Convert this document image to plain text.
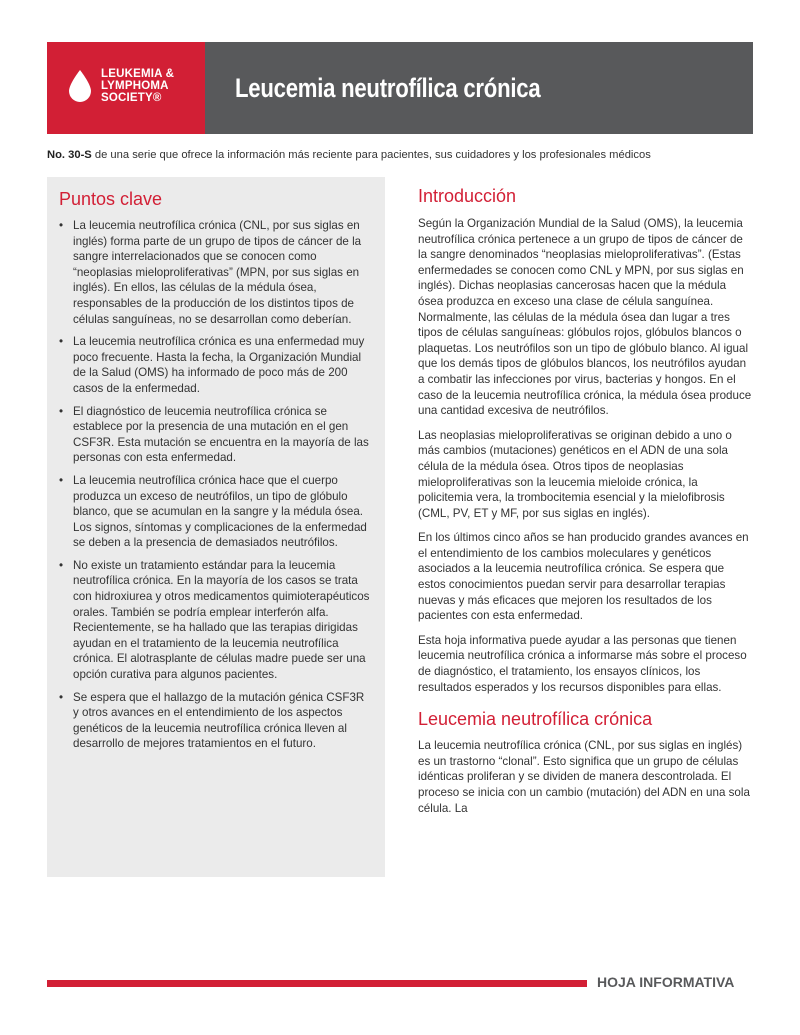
LEUKEMIA &
LYMPHOMA
SOCIETY®	Leucemia neutrofílica crónica
No. 30-S de una serie que ofrece la información más reciente para pacientes, sus cuidadores y los profesionales médicos
Puntos clave
• La leucemia neutrofílica crónica (CNL, por sus siglas en inglés) forma parte de un grupo de tipos de cáncer de la sangre interrelacionados que se conocen como “neoplasias mieloproliferativas” (MPN, por sus siglas en inglés). En ellos, las células de la médula ósea, responsables de la producción de los distintos tipos de células sanguíneas, no se desarrollan como deberían.
• La leucemia neutrofílica crónica es una enfermedad muy poco frecuente. Hasta la fecha, la Organización Mundial de la Salud (OMS) ha informado de poco más de 200 casos de la enfermedad.
• El diagnóstico de leucemia neutrofílica crónica se establece por la presencia de una mutación en el gen CSF3R. Esta mutación se encuentra en la mayoría de las personas con esta enfermedad.
• La leucemia neutrofílica crónica hace que el cuerpo produzca un exceso de neutrófilos, un tipo de glóbulo blanco, que se acumulan en la sangre y la médula ósea. Los signos, síntomas y complicaciones de la enfermedad se deben a la presencia de demasiados neutrófilos.
• No existe un tratamiento estándar para la leucemia neutrofílica crónica. En la mayoría de los casos se trata con hidroxiurea y otros medicamentos quimioterapéuticos orales. También se podría emplear interferón alfa. Recientemente, se ha hallado que las terapias dirigidas ayudan en el tratamiento de la leucemia neutrofílica crónica. El alotrasplante de células madre puede ser una opción curativa para algunos pacientes.
• Se espera que el hallazgo de la mutación génica CSF3R y otros avances en el entendimiento de los aspectos genéticos de la leucemia neutrofílica crónica lleven al desarrollo de mejores tratamientos en el futuro.
Introducción

Según la Organización Mundial de la Salud (OMS), la leucemia neutrofílica crónica pertenece a un grupo de tipos de cáncer de la sangre denominados “neoplasias mieloproliferativas”. (Estas enfermedades se conocen como CNL y MPN, por sus siglas en inglés). Dichas neoplasias cancerosas hacen que la médula ósea produzca en exceso una clase de célula sanguínea. Normalmente, las células de la médula ósea dan lugar a tres tipos de células sanguíneas: glóbulos rojos, glóbulos blancos o plaquetas. Los neutrófilos son un tipo de glóbulo blanco. Al igual que los demás tipos de glóbulos blancos, los neutrófilos ayudan a combatir las infecciones por virus, bacterias y hongos. En el caso de la leucemia neutrofílica crónica, la médula ósea produce una cantidad excesiva de neutrófilos.

Las neoplasias mieloproliferativas se originan debido a uno o más cambios (mutaciones) genéticos en el ADN de una sola célula de la médula ósea. Otros tipos de neoplasias mieloproliferativas son la leucemia mieloide crónica, la policitemia vera, la trombocitemia esencial y la mielofibrosis (CML, PV, ET y MF, por sus siglas en inglés).

En los últimos cinco años se han producido grandes avances en el entendimiento de los cambios moleculares y genéticos asociados a la leucemia neutrofílica crónica. Se espera que estos conocimientos puedan servir para desarrollar terapias nuevas y más eficaces que mejoren los resultados de los pacientes con esta enfermedad.

Esta hoja informativa puede ayudar a las personas que tienen leucemia neutrofílica crónica a informarse más sobre el proceso de diagnóstico, el tratamiento, los ensayos clínicos, los resultados esperados y los recursos disponibles para ellas.

Leucemia neutrofílica crónica

La leucemia neutrofílica crónica (CNL, por sus siglas en inglés) es un trastorno “clonal”. Esto significa que un grupo de células idénticas proliferan y se dividen de manera descontrolada. El proceso se inicia con un cambio (mutación) del ADN en una sola célula. La

HOJA INFORMATIVA
